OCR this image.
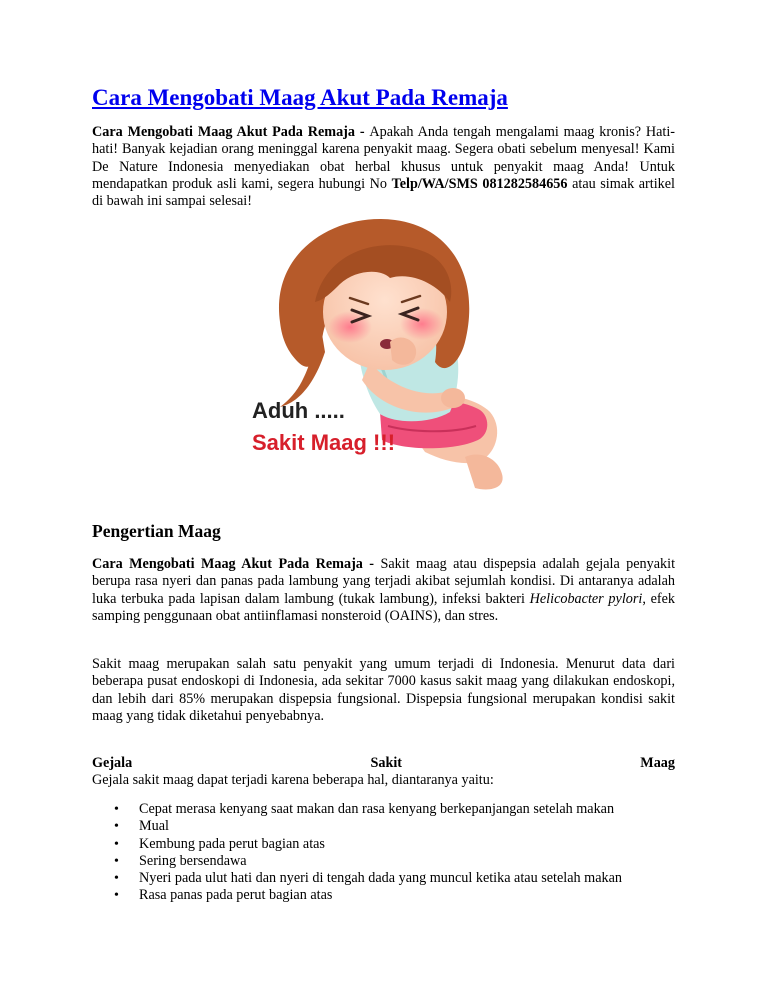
Cara Mengobati Maag Akut Pada Remaja

Cara Mengobati Maag Akut Pada Remaja - Apakah Anda tengah mengalami maag kronis? Hati-hati! Banyak kejadian orang meninggal karena penyakit maag. Segera obati sebelum menyesal! Kami De Nature Indonesia menyediakan obat herbal khusus untuk penyakit maag Anda! Untuk mendapatkan produk asli kami, segera hubungi No Telp/WA/SMS 081282584656 atau simak artikel di bawah ini sampai selesai!

Aduh .....
Sakit Maag !!!
Pengertian Maag

Cara Mengobati Maag Akut Pada Remaja - Sakit maag atau dispepsia adalah gejala penyakit berupa rasa nyeri dan panas pada lambung yang terjadi akibat sejumlah kondisi. Di antaranya adalah luka terbuka pada lapisan dalam lambung (tukak lambung), infeksi bakteri Helicobacter pylori, efek samping penggunaan obat antiinflamasi nonsteroid (OAINS), dan stres.

Sakit maag merupakan salah satu penyakit yang umum terjadi di Indonesia. Menurut data dari beberapa pusat endoskopi di Indonesia, ada sekitar 7000 kasus sakit maag yang dilakukan endoskopi, dan lebih dari 85% merupakan dispepsia fungsional. Dispepsia fungsional merupakan kondisi sakit maag yang tidak diketahui penyebabnya.

Gejala	Sakit	Maag
Gejala sakit maag dapat terjadi karena beberapa hal, diantaranya yaitu:
• Cepat merasa kenyang saat makan dan rasa kenyang berkepanjangan setelah makan
• Mual
• Kembung pada perut bagian atas
• Sering bersendawa
• Nyeri pada ulut hati dan nyeri di tengah dada yang muncul ketika atau setelah makan
• Rasa panas pada perut bagian atas
